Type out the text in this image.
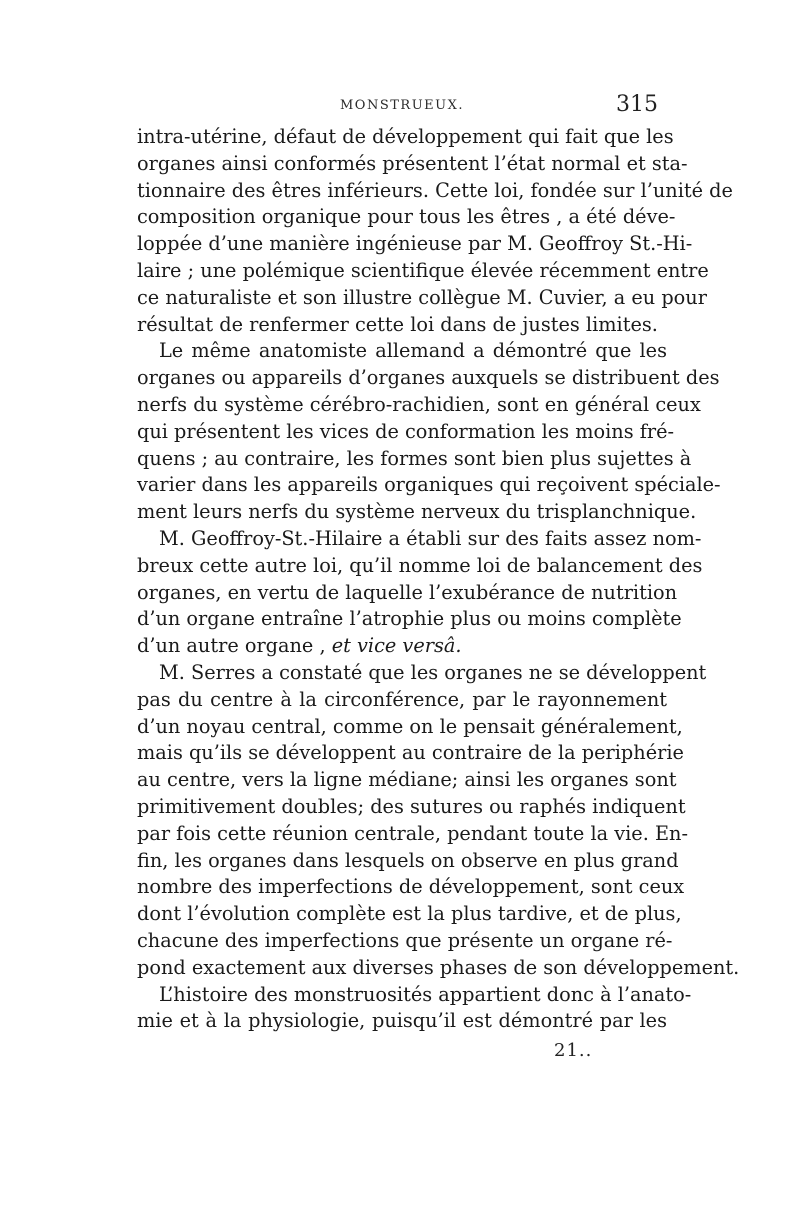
MONSTRUEUX.	315
intra-utérine, défaut de développement qui fait que les
organes ainsi conformés présentent l’état normal et sta-
tionnaire des êtres inférieurs. Cette loi, fondée sur l’unité de
composition organique pour tous les êtres , a été déve-
loppée d’une manière ingénieuse par M. Geoffroy St.-Hi-
laire ; une polémique scientifique élevée récemment entre
ce naturaliste et son illustre collègue M. Cuvier, a eu pour
résultat de renfermer cette loi dans de justes limites.
Le même anatomiste allemand a démontré que les
organes ou appareils d’organes auxquels se distribuent des
nerfs du système cérébro-rachidien, sont en général ceux
qui présentent les vices de conformation les moins fré-
quens ; au contraire, les formes sont bien plus sujettes à
varier dans les appareils organiques qui reçoivent spéciale-
ment leurs nerfs du système nerveux du trisplanchnique.
M. Geoffroy-St.-Hilaire a établi sur des faits assez nom-
breux cette autre loi, qu’il nomme loi de balancement des
organes, en vertu de laquelle l’exubérance de nutrition
d’un organe entraîne l’atrophie plus ou moins complète
d’un autre organe , et vice versâ.
M. Serres a constaté que les organes ne se développent
pas du centre à la circonférence, par le rayonnement
d’un noyau central, comme on le pensait généralement,
mais qu’ils se développent au contraire de la periphérie
au centre, vers la ligne médiane; ainsi les organes sont
primitivement doubles; des sutures ou raphés indiquent
par fois cette réunion centrale, pendant toute la vie. En-
fin, les organes dans lesquels on observe en plus grand
nombre des imperfections de développement, sont ceux
dont l’évolution complète est la plus tardive, et de plus,
chacune des imperfections que présente un organe ré-
pond exactement aux diverses phases de son développement.
L’histoire des monstruosités appartient donc à l’anato-
mie et à la physiologie, puisqu’il est démontré par les
21..
